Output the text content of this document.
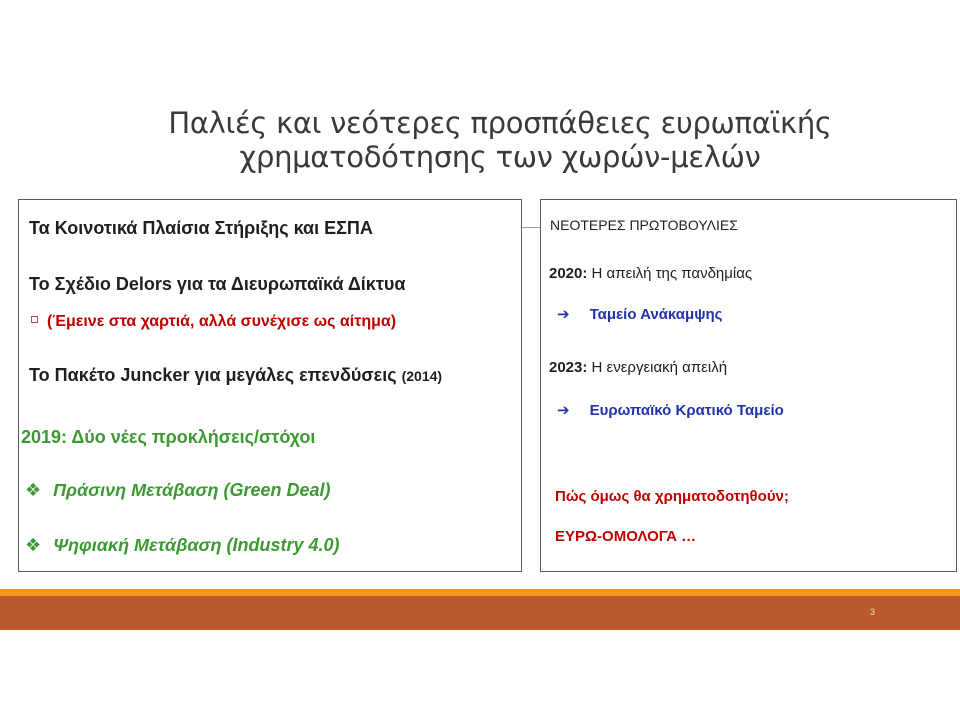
Παλιές και νεότερες προσπάθειες ευρωπαϊκής
χρηματοδότησης των χωρών-μελών
Τα Κοινοτικά Πλαίσια Στήριξης και ΕΣΠΑ
Το Σχέδιο Delors για τα Διευρωπαϊκά Δίκτυα
(Έμεινε στα χαρτιά, αλλά συνέχισε ως αίτημα)
Το Πακέτο Juncker για μεγάλες επενδύσεις (2014)
2019: Δύο νέες προκλήσεις/στόχοι
❖ Πράσινη Μετάβαση (Green Deal)
❖ Ψηφιακή Μετάβαση (Industry 4.0)
ΝΕΟΤΕΡΕΣ ΠΡΩΤΟΒΟΥΛΙΕΣ
2020: Η απειλή της πανδημίας
➔ Ταμείο Ανάκαμψης
2023: Η ενεργειακή απειλή
➔ Ευρωπαϊκό Κρατικό Ταμείο
Πώς όμως θα χρηματοδοτηθούν;
ΕΥΡΩ-ΟΜΟΛΟΓΑ …
3
